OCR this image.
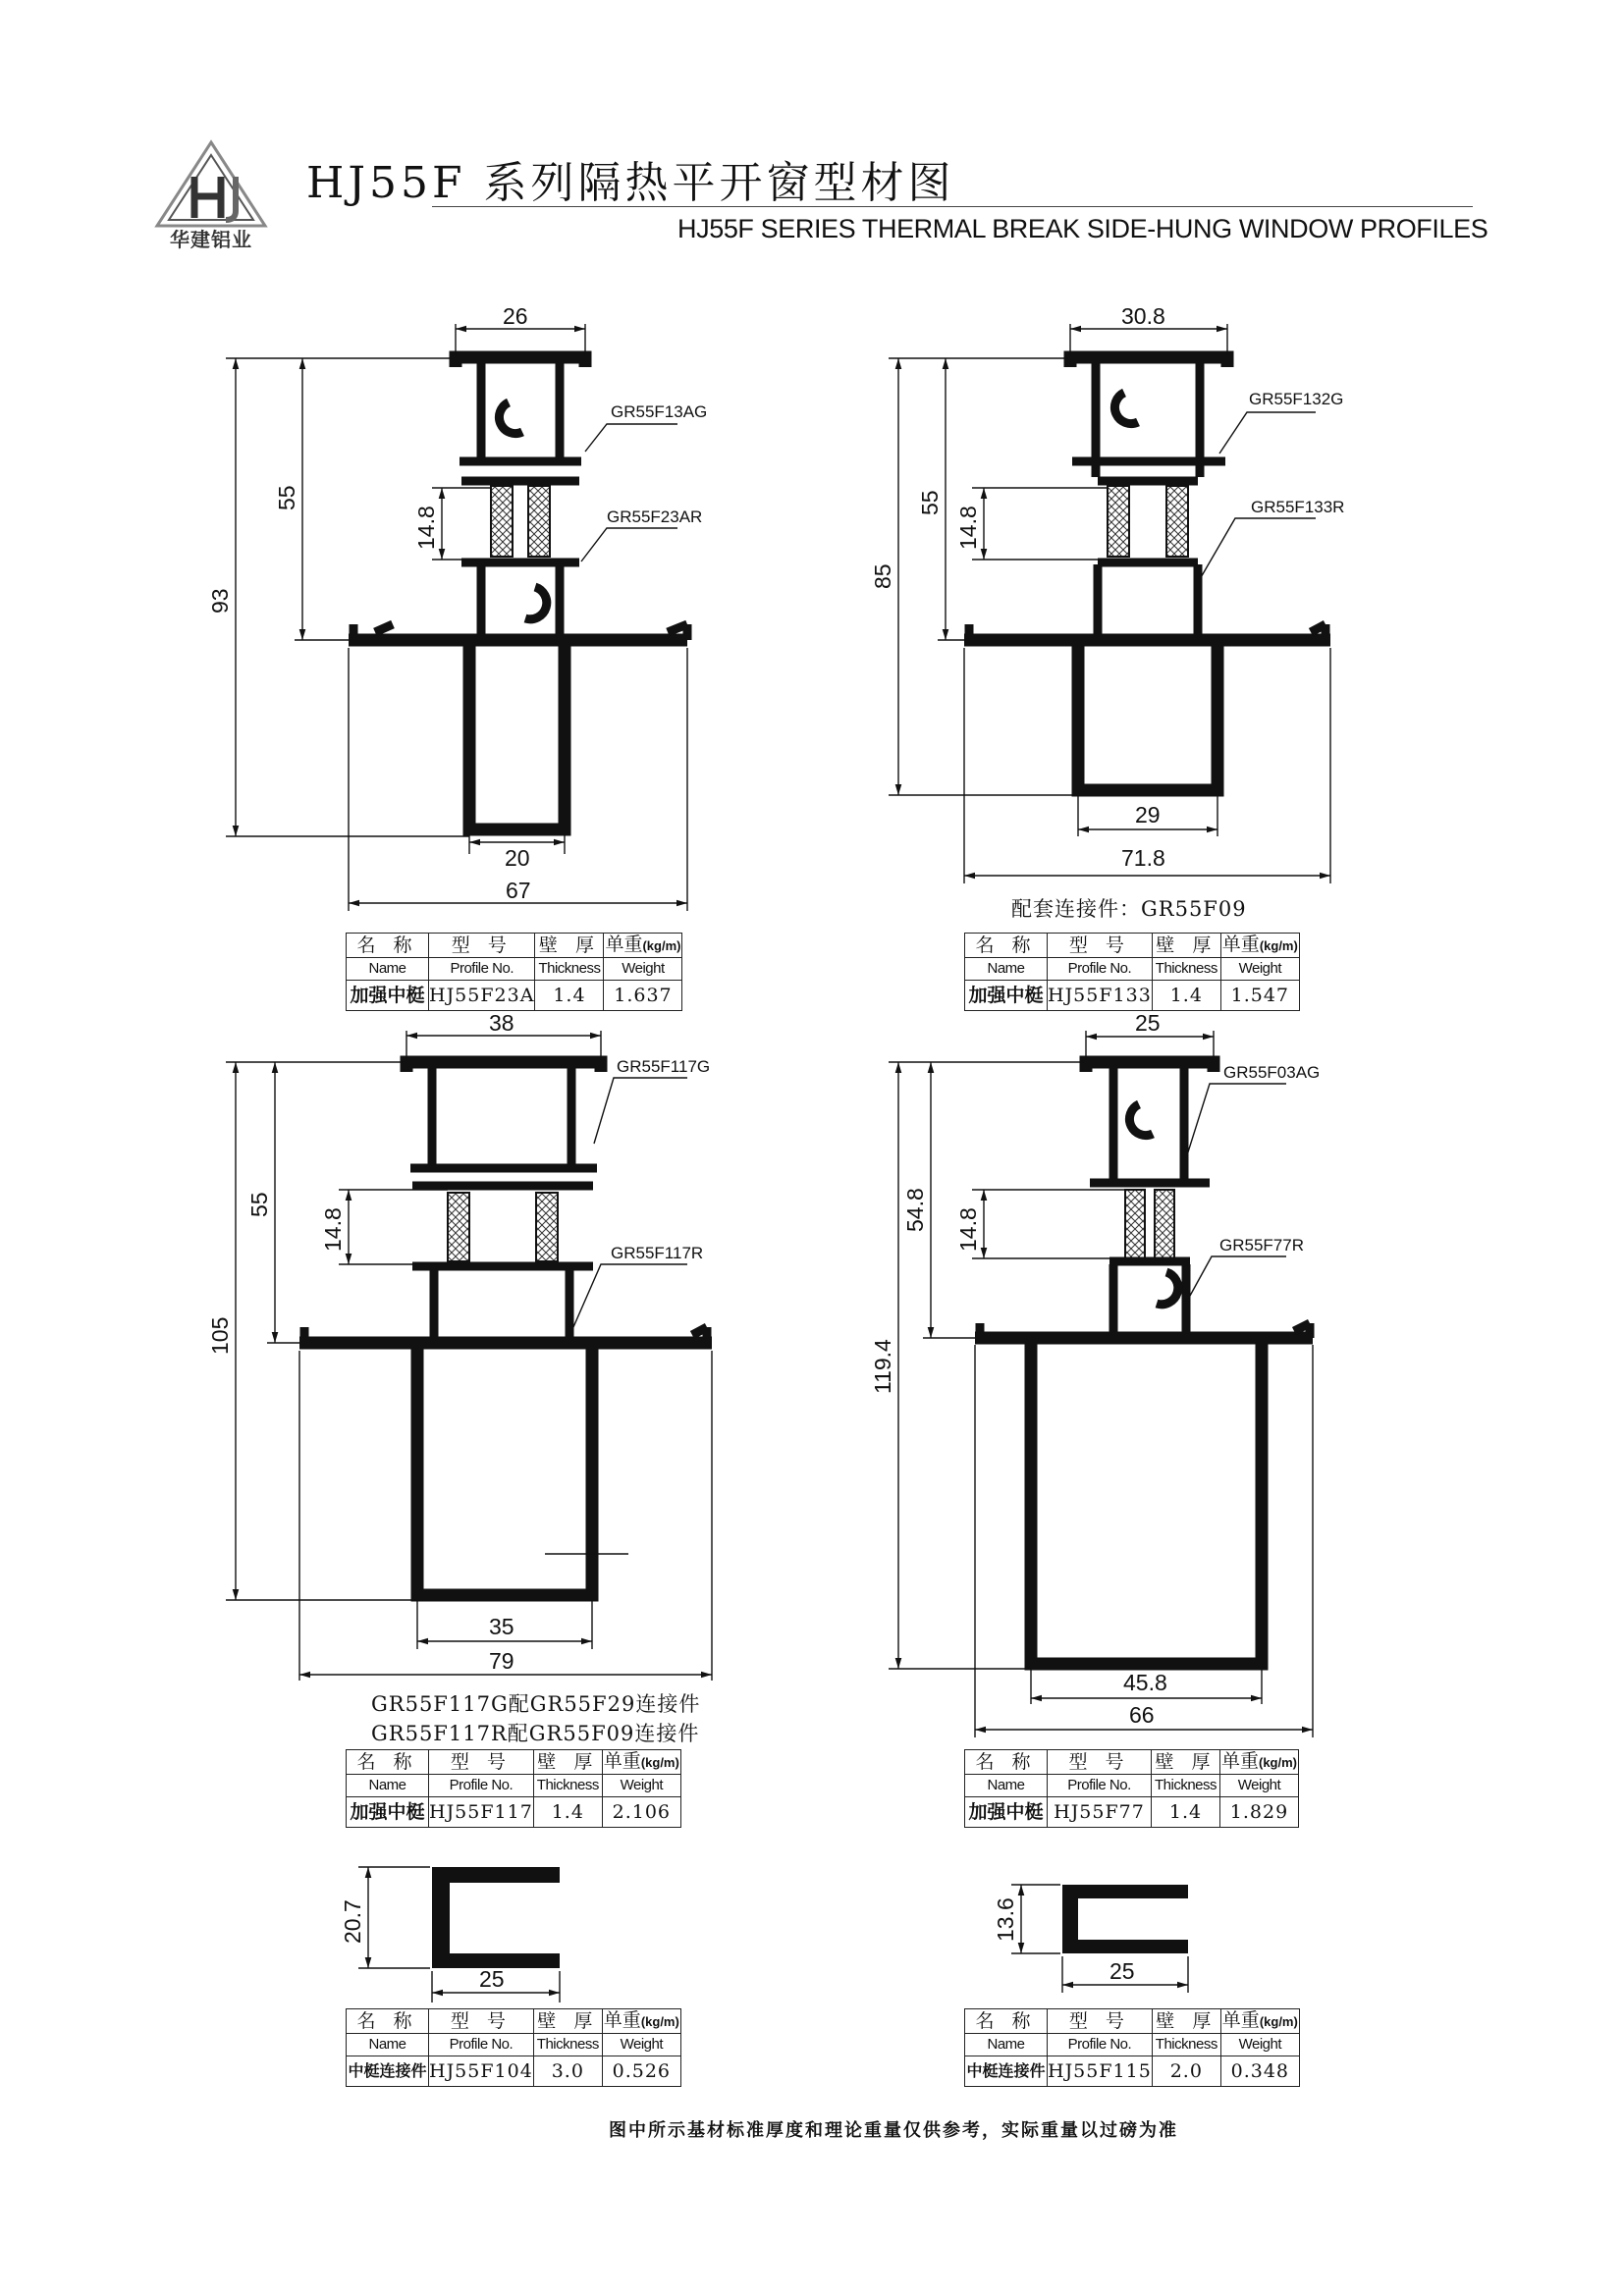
华建铝业
HJ55F 系列隔热平开窗型材图
HJ55F SERIES THERMAL BREAK SIDE-HUNG WINDOW PROFILES
26
93
55
14.8
20
67
GR55F13AG
GR55F23AR
30.8
85
55
14.8
29
71.8
GR55F132G
GR55F133R
38
105
55
14.8
35
79
GR55F117G
GR55F117R
25
119.4
54.8 14.8
45.8
66
GR55F03AG
GR55F77R
20.7
25
13.6
25
配套连接件：GR55F09
GR55F117G配GR55F29连接件
GR55F117R配GR55F09连接件
名 称	型 号	壁 厚	单重(kg/m)
Name	Profile No.	Thickness	Weight
加强中梃	HJ55F23A	1.4	1.637
名 称	型 号	壁 厚	单重(kg/m)
Name	Profile No.	Thickness	Weight
加强中梃	HJ55F133	1.4	1.547
名 称	型 号	壁 厚	单重(kg/m)
Name	Profile No.	Thickness	Weight
加强中梃	HJ55F117	1.4	2.106
名 称	型 号	壁 厚	单重(kg/m)
Name	Profile No.	Thickness	Weight
加强中梃	HJ55F77	1.4	1.829
名 称	型 号	壁 厚	单重(kg/m)
Name	Profile No.	Thickness	Weight
中梃连接件	HJ55F104	3.0	0.526
名 称	型 号	壁 厚	单重(kg/m)
Name	Profile No.	Thickness	Weight
中梃连接件	HJ55F115	2.0	0.348
图中所示基材标准厚度和理论重量仅供参考，实际重量以过磅为准
